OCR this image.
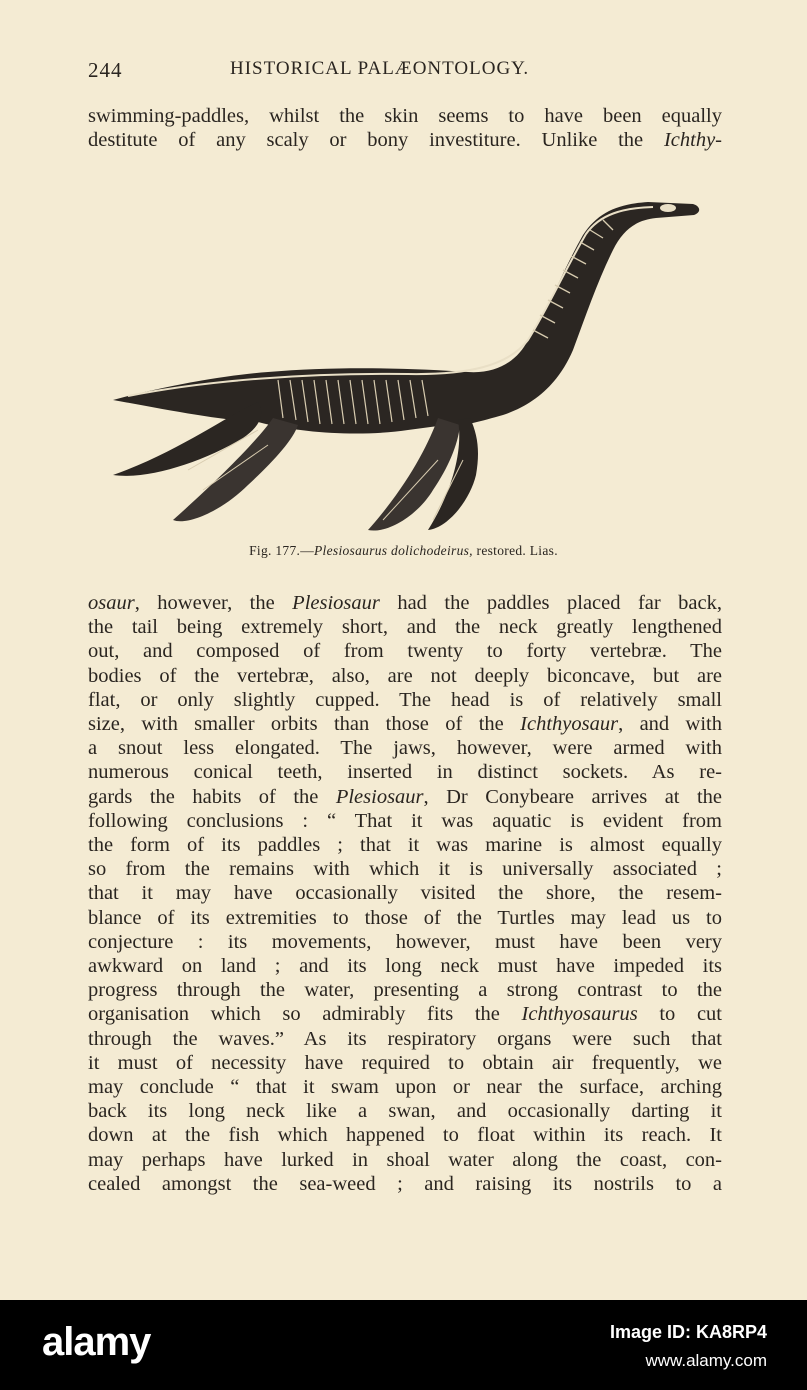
244	HISTORICAL PALÆONTOLOGY.
swimming-paddles, whilst the skin seems to have been equally
destitute of any scaly or bony investiture. Unlike the Ichthy-
Fig. 177.—Plesiosaurus dolichodeirus, restored. Lias.
osaur, however, the Plesiosaur had the paddles placed far back,
the tail being extremely short, and the neck greatly lengthened
out, and composed of from twenty to forty vertebræ. The
bodies of the vertebræ, also, are not deeply biconcave, but are
flat, or only slightly cupped. The head is of relatively small
size, with smaller orbits than those of the Ichthyosaur, and with
a snout less elongated. The jaws, however, were armed with
numerous conical teeth, inserted in distinct sockets. As re-
gards the habits of the Plesiosaur, Dr Conybeare arrives at the
following conclusions : “ That it was aquatic is evident from
the form of its paddles ; that it was marine is almost equally
so from the remains with which it is universally associated ;
that it may have occasionally visited the shore, the resem-
blance of its extremities to those of the Turtles may lead us to
conjecture : its movements, however, must have been very
awkward on land ; and its long neck must have impeded its
progress through the water, presenting a strong contrast to the
organisation which so admirably fits the Ichthyosaurus to cut
through the waves.” As its respiratory organs were such that
it must of necessity have required to obtain air frequently, we
may conclude “ that it swam upon or near the surface, arching
back its long neck like a swan, and occasionally darting it
down at the fish which happened to float within its reach. It
may perhaps have lurked in shoal water along the coast, con-
cealed amongst the sea-weed ; and raising its nostrils to a
alamy	Image ID: KA8RP4
www.alamy.com
